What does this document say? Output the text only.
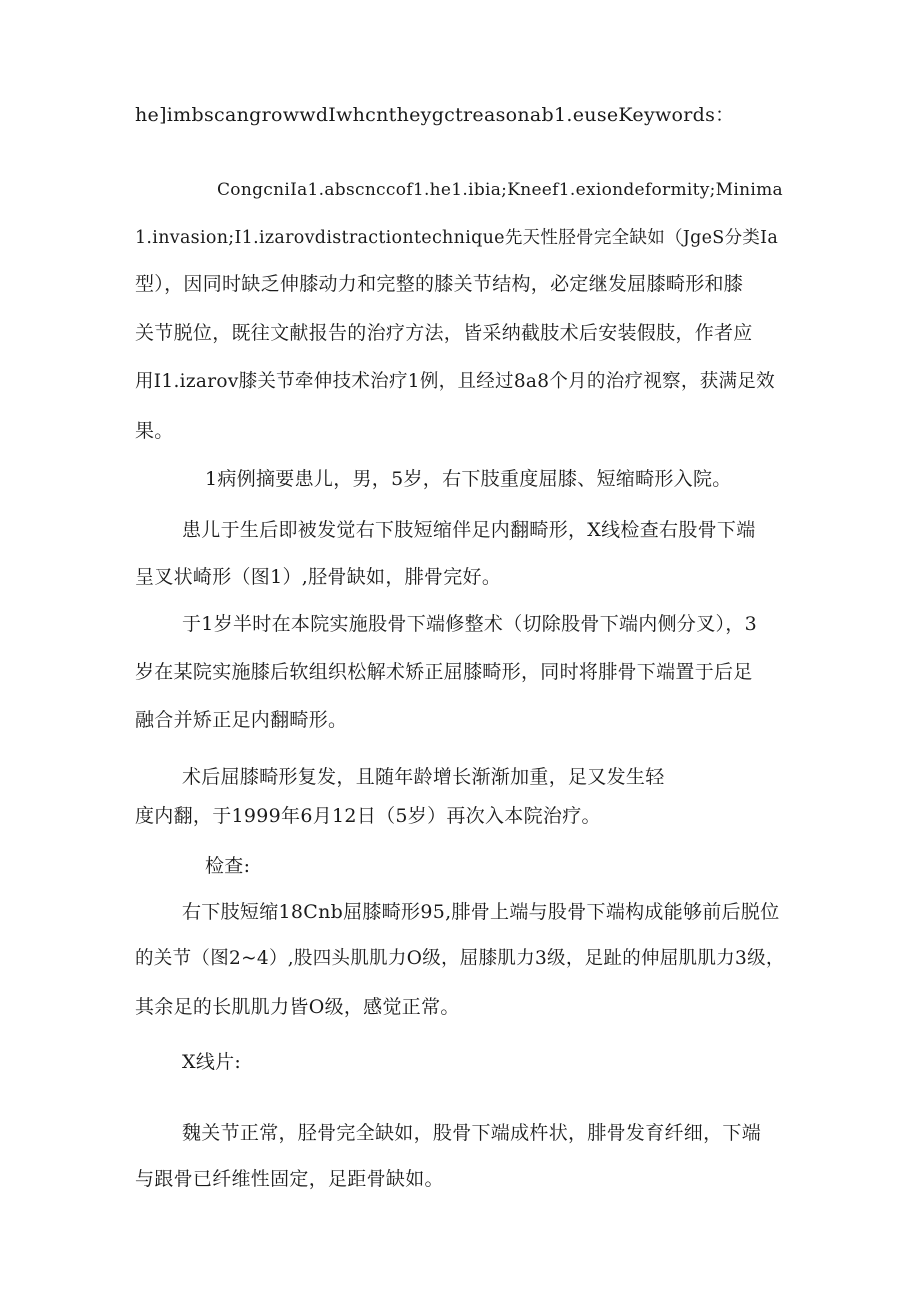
he]imbscangrowwdIwhcntheygctreasonab1.euseKeywords：
CongcniIa1.abscnccof1.he1.ibia;Kneef1.exiondeformity;Minima
1.invasion;I1.izarovdistractiontechnique先天性胫骨完全缺如（JgeS分类Ia
型），因同时缺乏伸膝动力和完整的膝关节结构，必定继发屈膝畸形和膝
关节脱位，既往文献报告的治疗方法，皆采纳截肢术后安装假肢，作者应
用I1.izarov膝关节牵伸技术治疗1例，且经过8a8个月的治疗视察，获满足效
果。
1病例摘要患儿，男，5岁，右下肢重度屈膝、短缩畸形入院。
患儿于生后即被发觉右下肢短缩伴足内翻畸形，X线检查右股骨下端
呈叉状崎形（图1）,胫骨缺如，腓骨完好。
于1岁半时在本院实施股骨下端修整术（切除股骨下端内侧分叉），3
岁在某院实施膝后软组织松解术矫正屈膝畸形，同时将腓骨下端置于后足
融合并矫正足内翻畸形。
术后屈膝畸形复发，且随年龄增长渐渐加重，足又发生轻
度内翻，于1999年6月12日（5岁）再次入本院治疗。
检查:
右下肢短缩18Cnb屈膝畸形95,腓骨上端与股骨下端构成能够前后脱位
的关节（图2~4）,股四头肌肌力O级，屈膝肌力3级，足趾的伸屈肌肌力3级，
其余足的长肌肌力皆O级，感觉正常。
X线片:
魏关节正常，胫骨完全缺如，股骨下端成杵状，腓骨发育纤细，下端
与跟骨已纤维性固定，足距骨缺如。
